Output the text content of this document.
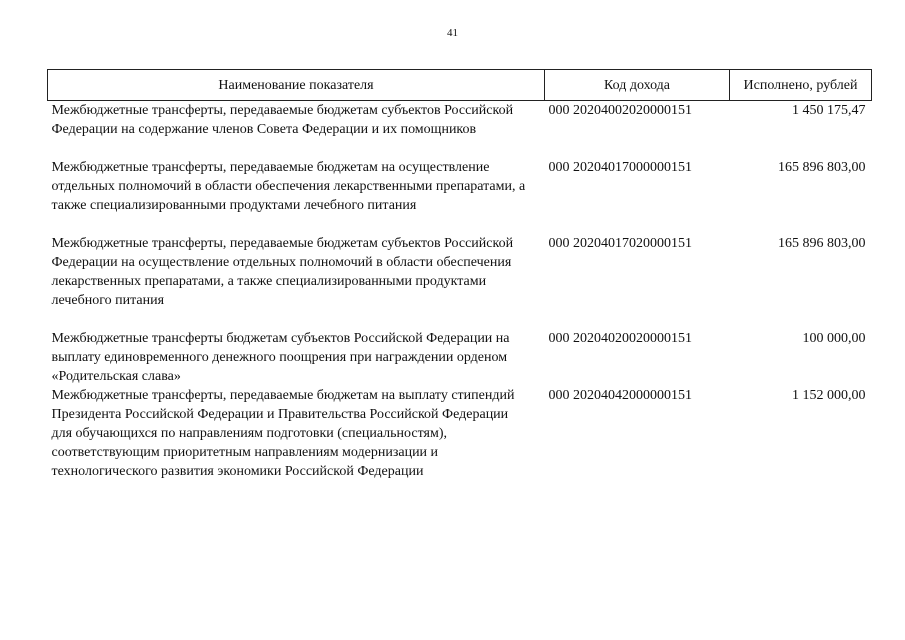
41
Наименование показателя	Код дохода	Исполнено, рублей
Межбюджетные трансферты, передаваемые бюджетам субъектов Российской Федерации на содержание членов Совета Федерации и их помощников	000 20204002020000151	1 450 175,47
Межбюджетные трансферты, передаваемые бюджетам на осуществление отдельных полномочий в области обеспечения лекарственными препаратами, а также специализированными продуктами лечебного питания	000 20204017000000151	165 896 803,00
Межбюджетные трансферты, передаваемые бюджетам субъектов Российской Федерации на осуществление отдельных полномочий в области обеспечения лекарственных препаратами, а также специализированными продуктами лечебного питания	000 20204017020000151	165 896 803,00
Межбюджетные трансферты бюджетам субъектов Российской Федерации на выплату единовременного денежного поощрения при награждении орденом «Родительская слава»	000 20204020020000151	100 000,00
Межбюджетные трансферты, передаваемые бюджетам на выплату стипендий Президента Российской Федерации и Правительства Российской Федерации для обучающихся по направлениям подготовки (специальностям), соответствующим приоритетным направлениям модернизации и технологического развития экономики Российской Федерации	000 20204042000000151	1 152 000,00
